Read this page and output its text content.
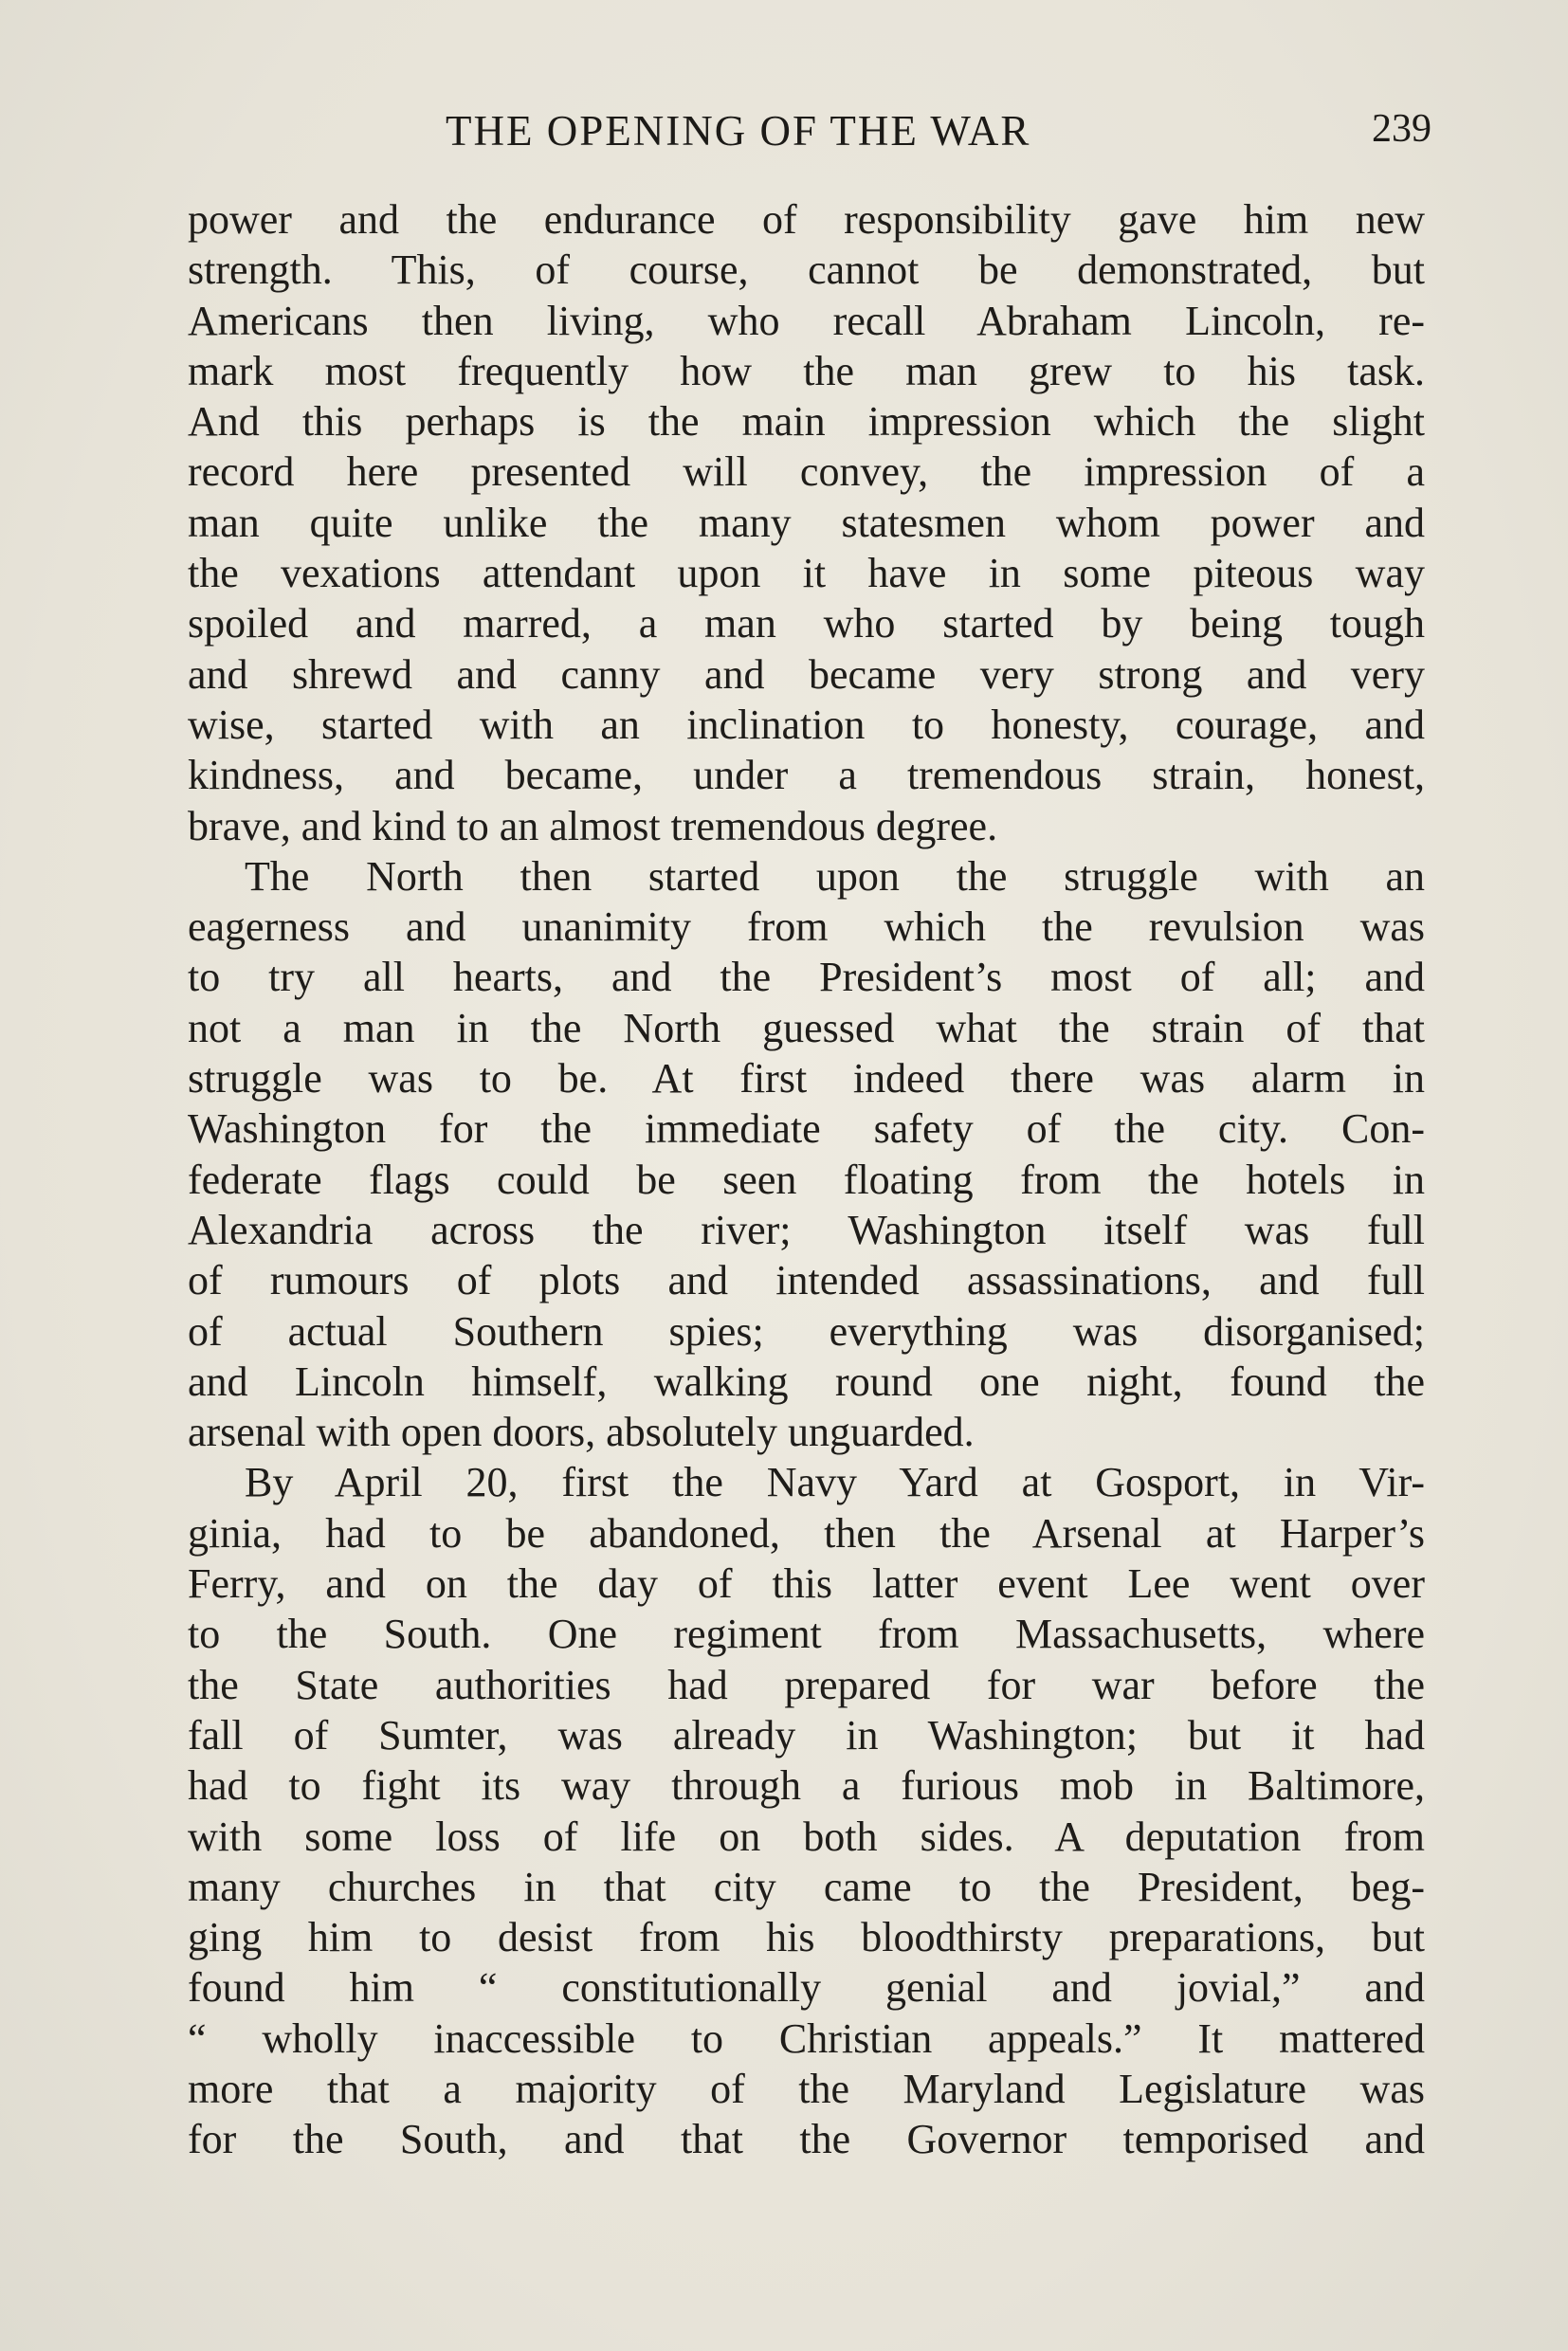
THE OPENING OF THE WAR	239
power and the endurance of responsibility gave him new
strength. This, of course, cannot be demonstrated, but
Americans then living, who recall Abraham Lincoln, re-
mark most frequently how the man grew to his task.
And this perhaps is the main impression which the slight
record here presented will convey, the impression of a
man quite unlike the many statesmen whom power and
the vexations attendant upon it have in some piteous way
spoiled and marred, a man who started by being tough
and shrewd and canny and became very strong and very
wise, started with an inclination to honesty, courage, and
kindness, and became, under a tremendous strain, honest,
brave, and kind to an almost tremendous degree.
The North then started upon the struggle with an
eagerness and unanimity from which the revulsion was
to try all hearts, and the President’s most of all; and
not a man in the North guessed what the strain of that
struggle was to be. At first indeed there was alarm in
Washington for the immediate safety of the city. Con-
federate flags could be seen floating from the hotels in
Alexandria across the river; Washington itself was full
of rumours of plots and intended assassinations, and full
of actual Southern spies; everything was disorganised;
and Lincoln himself, walking round one night, found the
arsenal with open doors, absolutely unguarded.
By April 20, first the Navy Yard at Gosport, in Vir-
ginia, had to be abandoned, then the Arsenal at Harper’s
Ferry, and on the day of this latter event Lee went over
to the South. One regiment from Massachusetts, where
the State authorities had prepared for war before the
fall of Sumter, was already in Washington; but it had
had to fight its way through a furious mob in Baltimore,
with some loss of life on both sides. A deputation from
many churches in that city came to the President, beg-
ging him to desist from his bloodthirsty preparations, but
found him “ constitutionally genial and jovial,” and
“ wholly inaccessible to Christian appeals.” It mattered
more that a majority of the Maryland Legislature was
for the South, and that the Governor temporised and
